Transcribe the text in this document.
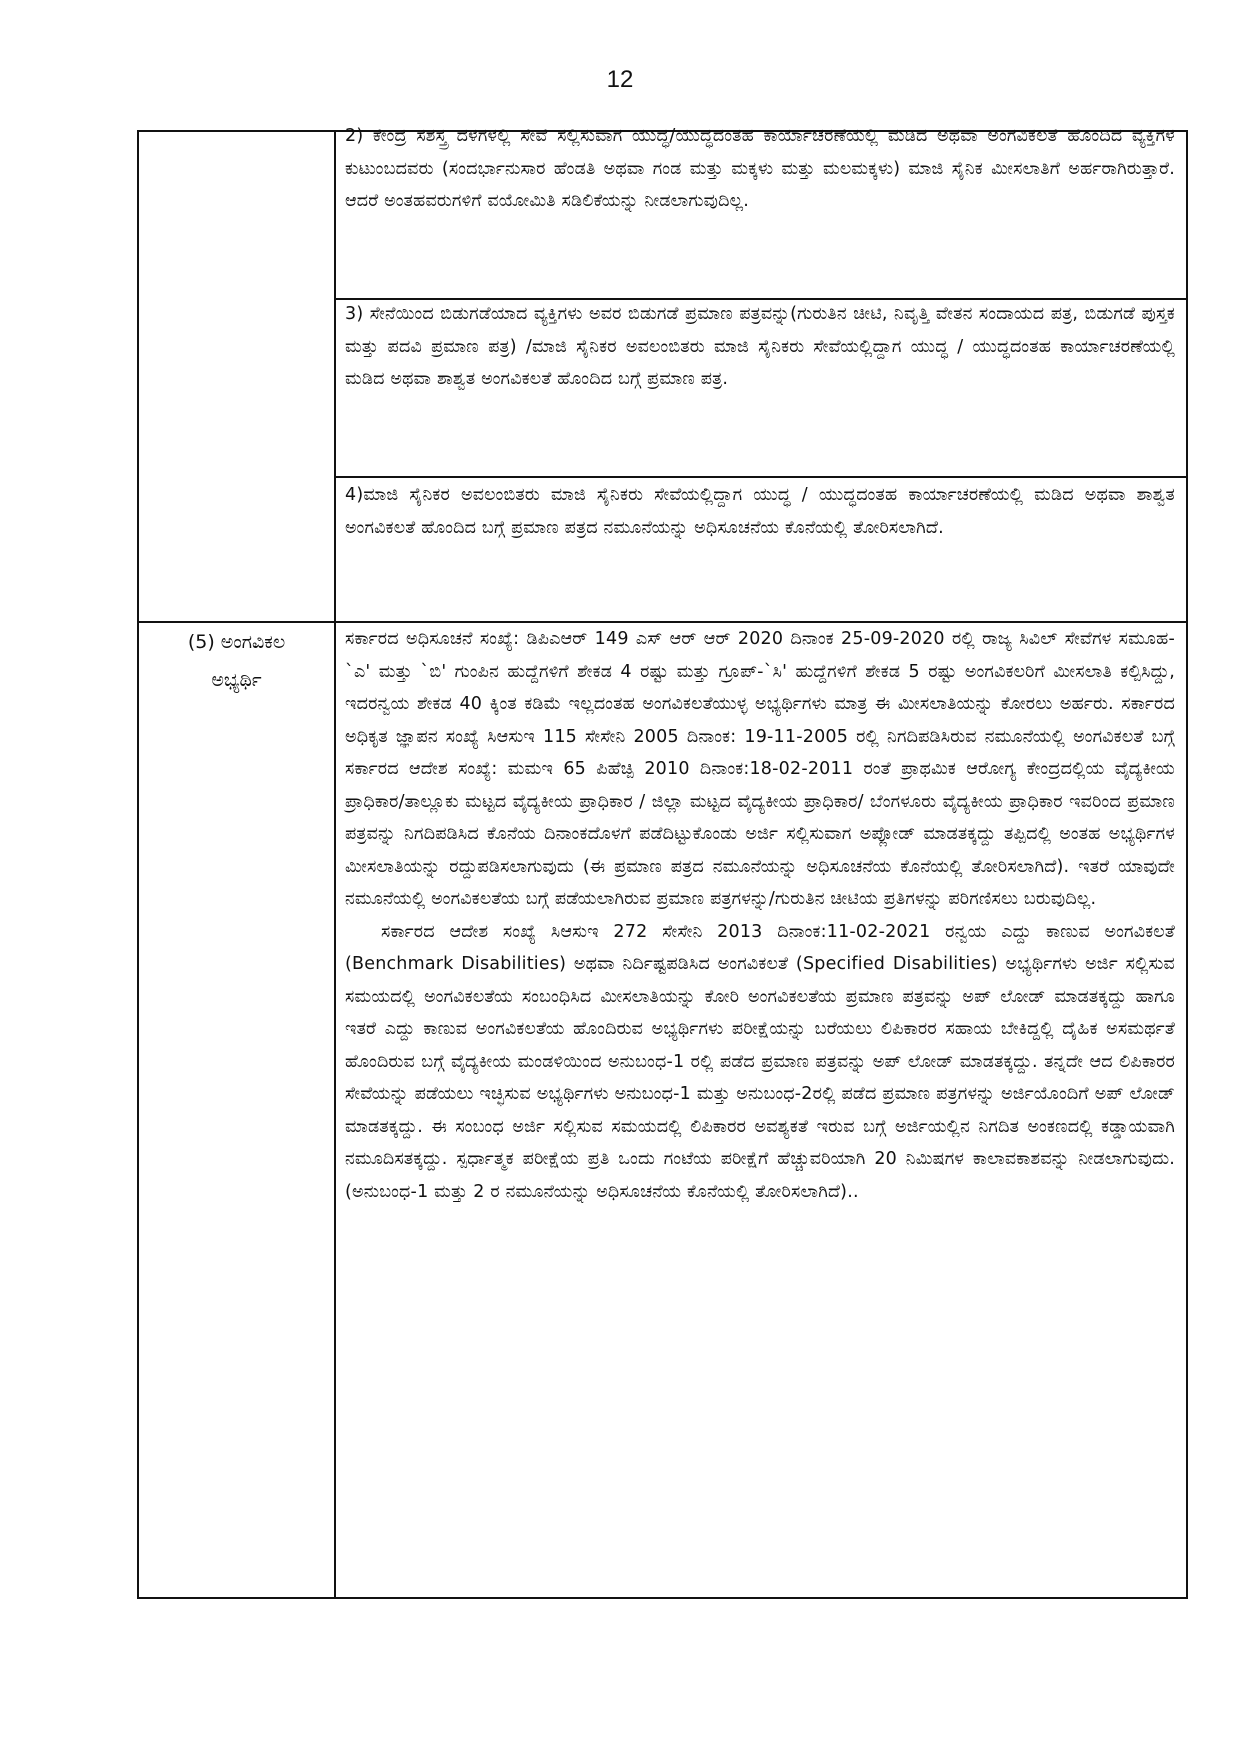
12

2) ಕೇಂದ್ರ ಸಶಸ್ತ್ರ ದಳಗಳಲ್ಲಿ ಸೇವೆ ಸಲ್ಲಿಸುವಾಗ ಯುದ್ಧ/ಯುದ್ಧದಂತಹ ಕಾರ್ಯಾಚರಣೆಯಲ್ಲಿ ಮಡಿದ ಅಥವಾ ಅಂಗವಿಕಲತೆ ಹೊಂದಿದ ವ್ಯಕ್ತಿಗಳ ಕುಟುಂಬದವರು (ಸಂದರ್ಭಾನುಸಾರ ಹೆಂಡತಿ ಅಥವಾ ಗಂಡ ಮತ್ತು ಮಕ್ಕಳು ಮತ್ತು ಮಲಮಕ್ಕಳು) ಮಾಜಿ ಸೈನಿಕ ಮೀಸಲಾತಿಗೆ ಅರ್ಹರಾಗಿರುತ್ತಾರೆ. ಆದರೆ ಅಂತಹವರುಗಳಿಗೆ ವಯೋಮಿತಿ ಸಡಿಲಿಕೆಯನ್ನು ನೀಡಲಾಗುವುದಿಲ್ಲ.

3) ಸೇನೆಯಿಂದ ಬಿಡುಗಡೆಯಾದ ವ್ಯಕ್ತಿಗಳು ಅವರ ಬಿಡುಗಡೆ ಪ್ರಮಾಣ ಪತ್ರವನ್ನು(ಗುರುತಿನ ಚೀಟಿ, ನಿವೃತ್ತಿ ವೇತನ ಸಂದಾಯದ ಪತ್ರ, ಬಿಡುಗಡೆ ಪುಸ್ತಕ ಮತ್ತು ಪದವಿ ಪ್ರಮಾಣ ಪತ್ರ) /ಮಾಜಿ ಸೈನಿಕರ ಅವಲಂಬಿತರು ಮಾಜಿ ಸೈನಿಕರು ಸೇವೆಯಲ್ಲಿದ್ದಾಗ ಯುದ್ಧ / ಯುದ್ಧದಂತಹ ಕಾರ್ಯಾಚರಣೆಯಲ್ಲಿ ಮಡಿದ ಅಥವಾ ಶಾಶ್ವತ ಅಂಗವಿಕಲತೆ ಹೊಂದಿದ ಬಗ್ಗೆ ಪ್ರಮಾಣ ಪತ್ರ.

4)ಮಾಜಿ ಸೈನಿಕರ ಅವಲಂಬಿತರು ಮಾಜಿ ಸೈನಿಕರು ಸೇವೆಯಲ್ಲಿದ್ದಾಗ ಯುದ್ಧ / ಯುದ್ಧದಂತಹ ಕಾರ್ಯಾಚರಣೆಯಲ್ಲಿ ಮಡಿದ ಅಥವಾ ಶಾಶ್ವತ ಅಂಗವಿಕಲತೆ ಹೊಂದಿದ ಬಗ್ಗೆ ಪ್ರಮಾಣ ಪತ್ರದ ನಮೂನೆಯನ್ನು ಅಧಿಸೂಚನೆಯ ಕೊನೆಯಲ್ಲಿ ತೋರಿಸಲಾಗಿದೆ.

(5) ಅಂಗವಿಕಲ
ಅಭ್ಯರ್ಥಿ

ಸರ್ಕಾರದ ಅಧಿಸೂಚನೆ ಸಂಖ್ಯೆ: ಡಿಪಿಎಆರ್ 149 ಎಸ್ ಆರ್ ಆರ್ 2020 ದಿನಾಂಕ 25-09-2020 ರಲ್ಲಿ ರಾಜ್ಯ ಸಿವಿಲ್ ಸೇವೆಗಳ ಸಮೂಹ-`ಎ' ಮತ್ತು `ಬಿ' ಗುಂಪಿನ ಹುದ್ದೆಗಳಿಗೆ ಶೇಕಡ 4 ರಷ್ಟು ಮತ್ತು ಗ್ರೂಪ್-`ಸಿ' ಹುದ್ದೆಗಳಿಗೆ ಶೇಕಡ 5 ರಷ್ಟು ಅಂಗವಿಕಲರಿಗೆ ಮೀಸಲಾತಿ ಕಲ್ಪಿಸಿದ್ದು, ಇದರನ್ವಯ ಶೇಕಡ 40 ಕ್ಕಿಂತ ಕಡಿಮೆ ಇಲ್ಲದಂತಹ ಅಂಗವಿಕಲತೆಯುಳ್ಳ ಅಭ್ಯರ್ಥಿಗಳು ಮಾತ್ರ ಈ ಮೀಸಲಾತಿಯನ್ನು ಕೋರಲು ಅರ್ಹರು. ಸರ್ಕಾರದ ಅಧಿಕೃತ ಜ್ಞಾಪನ ಸಂಖ್ಯೆ ಸಿಆಸುಇ 115 ಸೇಸೇನಿ 2005 ದಿನಾಂಕ: 19-11-2005 ರಲ್ಲಿ ನಿಗದಿಪಡಿಸಿರುವ ನಮೂನೆಯಲ್ಲಿ ಅಂಗವಿಕಲತೆ ಬಗ್ಗೆ ಸರ್ಕಾರದ ಆದೇಶ ಸಂಖ್ಯೆ: ಮಮಇ 65 ಪಿಹೆಚ್ಪಿ 2010 ದಿನಾಂಕ:18-02-2011 ರಂತೆ ಪ್ರಾಥಮಿಕ ಆರೋಗ್ಯ ಕೇಂದ್ರದಲ್ಲಿಯ ವೈದ್ಯಕೀಯ ಪ್ರಾಧಿಕಾರ/ತಾಲ್ಲೂಕು ಮಟ್ಟದ ವೈದ್ಯಕೀಯ ಪ್ರಾಧಿಕಾರ / ಜಿಲ್ಲಾ ಮಟ್ಟದ ವೈದ್ಯಕೀಯ ಪ್ರಾಧಿಕಾರ/ ಬೆಂಗಳೂರು ವೈದ್ಯಕೀಯ ಪ್ರಾಧಿಕಾರ ಇವರಿಂದ ಪ್ರಮಾಣ ಪತ್ರವನ್ನು ನಿಗದಿಪಡಿಸಿದ ಕೊನೆಯ ದಿನಾಂಕದೊಳಗೆ ಪಡೆದಿಟ್ಟುಕೊಂಡು ಅರ್ಜಿ ಸಲ್ಲಿಸುವಾಗ ಅಪ್ಲೋಡ್ ಮಾಡತಕ್ಕದ್ದು ತಪ್ಪಿದಲ್ಲಿ ಅಂತಹ ಅಭ್ಯರ್ಥಿಗಳ ಮೀಸಲಾತಿಯನ್ನು ರದ್ದುಪಡಿಸಲಾಗುವುದು (ಈ ಪ್ರಮಾಣ ಪತ್ರದ ನಮೂನೆಯನ್ನು ಅಧಿಸೂಚನೆಯ ಕೊನೆಯಲ್ಲಿ ತೋರಿಸಲಾಗಿದೆ). ಇತರೆ ಯಾವುದೇ ನಮೂನೆಯಲ್ಲಿ ಅಂಗವಿಕಲತೆಯ ಬಗ್ಗೆ ಪಡೆಯಲಾಗಿರುವ ಪ್ರಮಾಣ ಪತ್ರಗಳನ್ನು/ಗುರುತಿನ ಚೀಟಿಯ ಪ್ರತಿಗಳನ್ನು ಪರಿಗಣಿಸಲು ಬರುವುದಿಲ್ಲ.

ಸರ್ಕಾರದ ಆದೇಶ ಸಂಖ್ಯೆ ಸಿಆಸುಇ 272 ಸೇಸೇನಿ 2013 ದಿನಾಂಕ:11-02-2021 ರನ್ವಯ ಎದ್ದು ಕಾಣುವ ಅಂಗವಿಕಲತೆ (Benchmark Disabilities) ಅಥವಾ ನಿರ್ದಿಷ್ಟಪಡಿಸಿದ ಅಂಗವಿಕಲತೆ (Specified Disabilities) ಅಭ್ಯರ್ಥಿಗಳು ಅರ್ಜಿ ಸಲ್ಲಿಸುವ ಸಮಯದಲ್ಲಿ ಅಂಗವಿಕಲತೆಯ ಸಂಬಂಧಿಸಿದ ಮೀಸಲಾತಿಯನ್ನು ಕೋರಿ ಅಂಗವಿಕಲತೆಯ ಪ್ರಮಾಣ ಪತ್ರವನ್ನು ಅಪ್ ಲೋಡ್ ಮಾಡತಕ್ಕದ್ದು ಹಾಗೂ ಇತರೆ ಎದ್ದು ಕಾಣುವ ಅಂಗವಿಕಲತೆಯ ಹೊಂದಿರುವ ಅಭ್ಯರ್ಥಿಗಳು ಪರೀಕ್ಷೆಯನ್ನು ಬರೆಯಲು ಲಿಪಿಕಾರರ ಸಹಾಯ ಬೇಕಿದ್ದಲ್ಲಿ ದೈಹಿಕ ಅಸಮರ್ಥತೆ ಹೊಂದಿರುವ ಬಗ್ಗೆ ವೈದ್ಯಕೀಯ ಮಂಡಳಿಯಿಂದ ಅನುಬಂಧ-1 ರಲ್ಲಿ ಪಡೆದ ಪ್ರಮಾಣ ಪತ್ರವನ್ನು ಅಪ್ ಲೋಡ್ ಮಾಡತಕ್ಕದ್ದು. ತನ್ನದೇ ಆದ ಲಿಪಿಕಾರರ ಸೇವೆಯನ್ನು ಪಡೆಯಲು ಇಚ್ಛಿಸುವ ಅಭ್ಯರ್ಥಿಗಳು ಅನುಬಂಧ-1 ಮತ್ತು ಅನುಬಂಧ-2ರಲ್ಲಿ ಪಡೆದ ಪ್ರಮಾಣ ಪತ್ರಗಳನ್ನು ಅರ್ಜಿಯೊಂದಿಗೆ ಅಪ್ ಲೋಡ್ ಮಾಡತಕ್ಕದ್ದು. ಈ ಸಂಬಂಧ ಅರ್ಜಿ ಸಲ್ಲಿಸುವ ಸಮಯದಲ್ಲಿ ಲಿಪಿಕಾರರ ಅವಶ್ಯಕತೆ ಇರುವ ಬಗ್ಗೆ ಅರ್ಜಿಯಲ್ಲಿನ ನಿಗದಿತ ಅಂಕಣದಲ್ಲಿ ಕಡ್ಡಾಯವಾಗಿ ನಮೂದಿಸತಕ್ಕದ್ದು. ಸ್ಪರ್ಧಾತ್ಮಕ ಪರೀಕ್ಷೆಯ ಪ್ರತಿ ಒಂದು ಗಂಟೆಯ ಪರೀಕ್ಷೆಗೆ ಹೆಚ್ಚುವರಿಯಾಗಿ 20 ನಿಮಿಷಗಳ ಕಾಲಾವಕಾಶವನ್ನು ನೀಡಲಾಗುವುದು. (ಅನುಬಂಧ-1 ಮತ್ತು 2 ರ ನಮೂನೆಯನ್ನು ಅಧಿಸೂಚನೆಯ ಕೊನೆಯಲ್ಲಿ ತೋರಿಸಲಾಗಿದೆ)..
